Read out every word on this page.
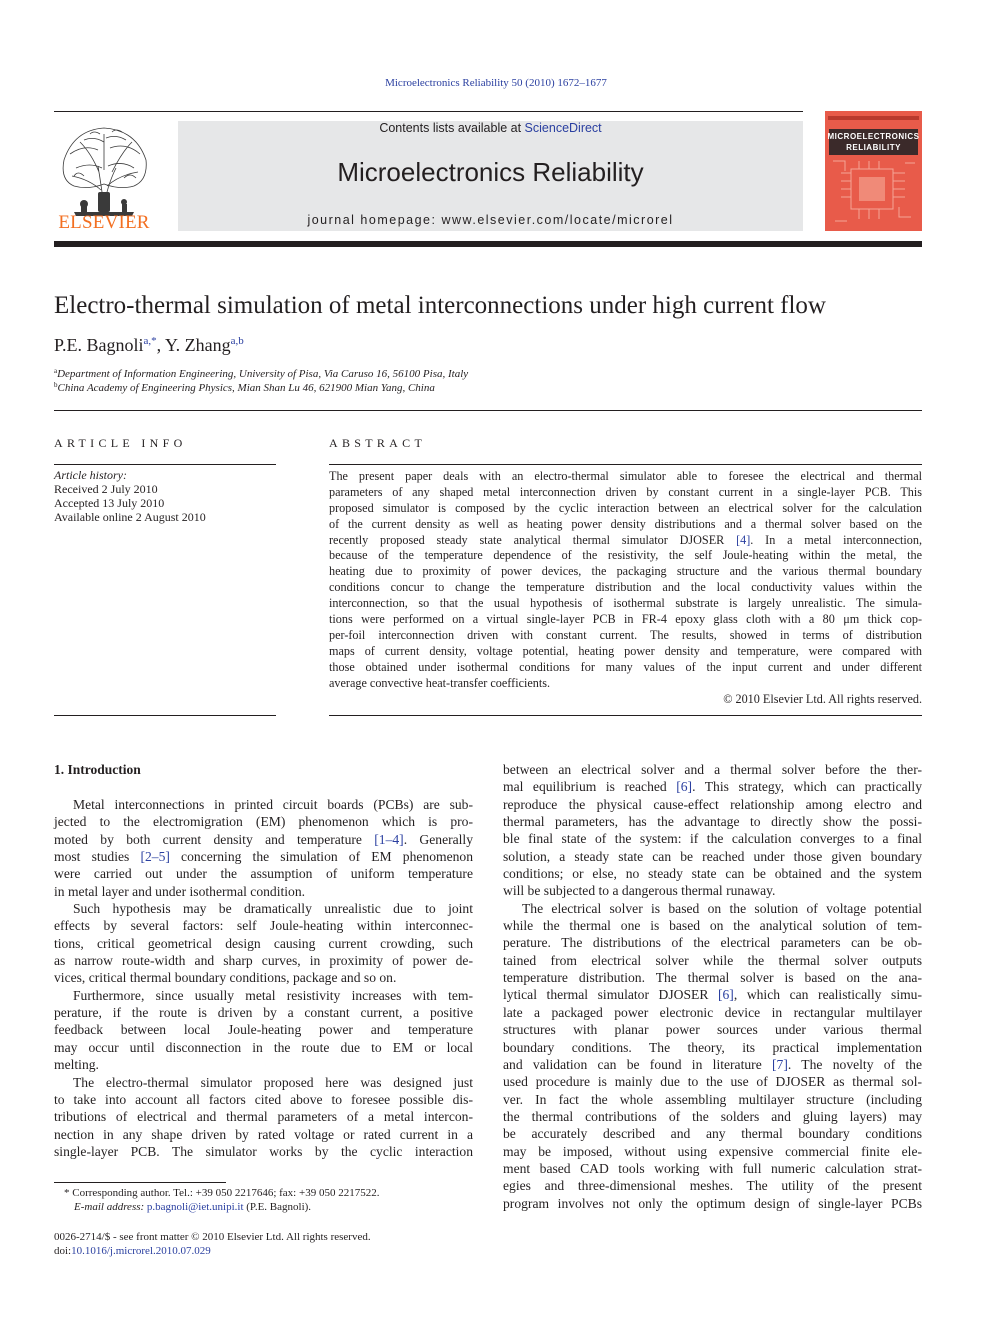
Microelectronics Reliability 50 (2010) 1672–1677
ELSEVIER
Contents lists available at ScienceDirect
Microelectronics Reliability
journal homepage: www.elsevier.com/locate/microrel
MICROELECTRONICS
RELIABILITY
Electro-thermal simulation of metal interconnections under high current flow
P.E. Bagnoli$^{a,*}$, Y. Zhang$^{a,b}$
$^a$Department of Information Engineering, University of Pisa, Via Caruso 16, 56100 Pisa, Italy
$^b$China Academy of Engineering Physics, Mian Shan Lu 46, 621900 Mian Yang, China
ARTICLE INFO
Article history:
Received 2 July 2010
Accepted 13 July 2010
Available online 2 August 2010
ABSTRACT
The present paper deals with an electro-thermal simulator able to foresee the electrical and thermal
parameters of any shaped metal interconnection driven by constant current in a single-layer PCB. This
proposed simulator is composed by the cyclic interaction between an electrical solver for the calculation
of the current density as well as heating power density distributions and a thermal solver based on the
recently proposed steady state analytical thermal simulator DJOSER [4]. In a metal interconnection,
because of the temperature dependence of the resistivity, the self Joule-heating within the metal, the
heating due to proximity of power devices, the packaging structure and the various thermal boundary
conditions concur to change the temperature distribution and the local conductivity values within the
interconnection, so that the usual hypothesis of isothermal substrate is largely unrealistic. The simula-
tions were performed on a virtual single-layer PCB in FR-4 epoxy glass cloth with a 80 μm thick cop-
per-foil interconnection driven with constant current. The results, showed in terms of distribution
maps of current density, voltage potential, heating power density and temperature, were compared with
those obtained under isothermal conditions for many values of the input current and under different
average convective heat-transfer coefficients.
© 2010 Elsevier Ltd. All rights reserved.
1. Introduction
Metal interconnections in printed circuit boards (PCBs) are sub-
jected to the electromigration (EM) phenomenon which is pro-
moted by both current density and temperature [1–4]. Generally
most studies [2–5] concerning the simulation of EM phenomenon
were carried out under the assumption of uniform temperature
in metal layer and under isothermal condition.
Such hypothesis may be dramatically unrealistic due to joint
effects by several factors: self Joule-heating within interconnec-
tions, critical geometrical design causing current crowding, such
as narrow route-width and sharp curves, in proximity of power de-
vices, critical thermal boundary conditions, package and so on.
Furthermore, since usually metal resistivity increases with tem-
perature, if the route is driven by a constant current, a positive
feedback between local Joule-heating power and temperature
may occur until disconnection in the route due to EM or local
melting.
The electro-thermal simulator proposed here was designed just
to take into account all factors cited above to foresee possible dis-
tributions of electrical and thermal parameters of a metal intercon-
nection in any shape driven by rated voltage or rated current in a
single-layer PCB. The simulator works by the cyclic interaction
between an electrical solver and a thermal solver before the ther-
mal equilibrium is reached [6]. This strategy, which can practically
reproduce the physical cause-effect relationship among electro and
thermal parameters, has the advantage to directly show the possi-
ble final state of the system: if the calculation converges to a final
solution, a steady state can be reached under those given boundary
conditions; or else, no steady state can be obtained and the system
will be subjected to a dangerous thermal runaway.
The electrical solver is based on the solution of voltage potential
while the thermal one is based on the analytical solution of tem-
perature. The distributions of the electrical parameters can be ob-
tained from electrical solver while the thermal solver outputs
temperature distribution. The thermal solver is based on the ana-
lytical thermal simulator DJOSER [6], which can realistically simu-
late a packaged power electronic device in rectangular multilayer
structures with planar power sources under various thermal
boundary conditions. The theory, its practical implementation
and validation can be found in literature [7]. The novelty of the
used procedure is mainly due to the use of DJOSER as thermal sol-
ver. In fact the whole assembling multilayer structure (including
the thermal contributions of the solders and gluing layers) may
be accurately described and any thermal boundary conditions
may be imposed, without using expensive commercial finite ele-
ment based CAD tools working with full numeric calculation strat-
egies and three-dimensional meshes. The utility of the present
program involves not only the optimum design of single-layer PCBs
* Corresponding author. Tel.: +39 050 2217646; fax: +39 050 2217522.
E-mail address: p.bagnoli@iet.unipi.it (P.E. Bagnoli).
0026-2714/$ - see front matter © 2010 Elsevier Ltd. All rights reserved.
doi:10.1016/j.microrel.2010.07.029
